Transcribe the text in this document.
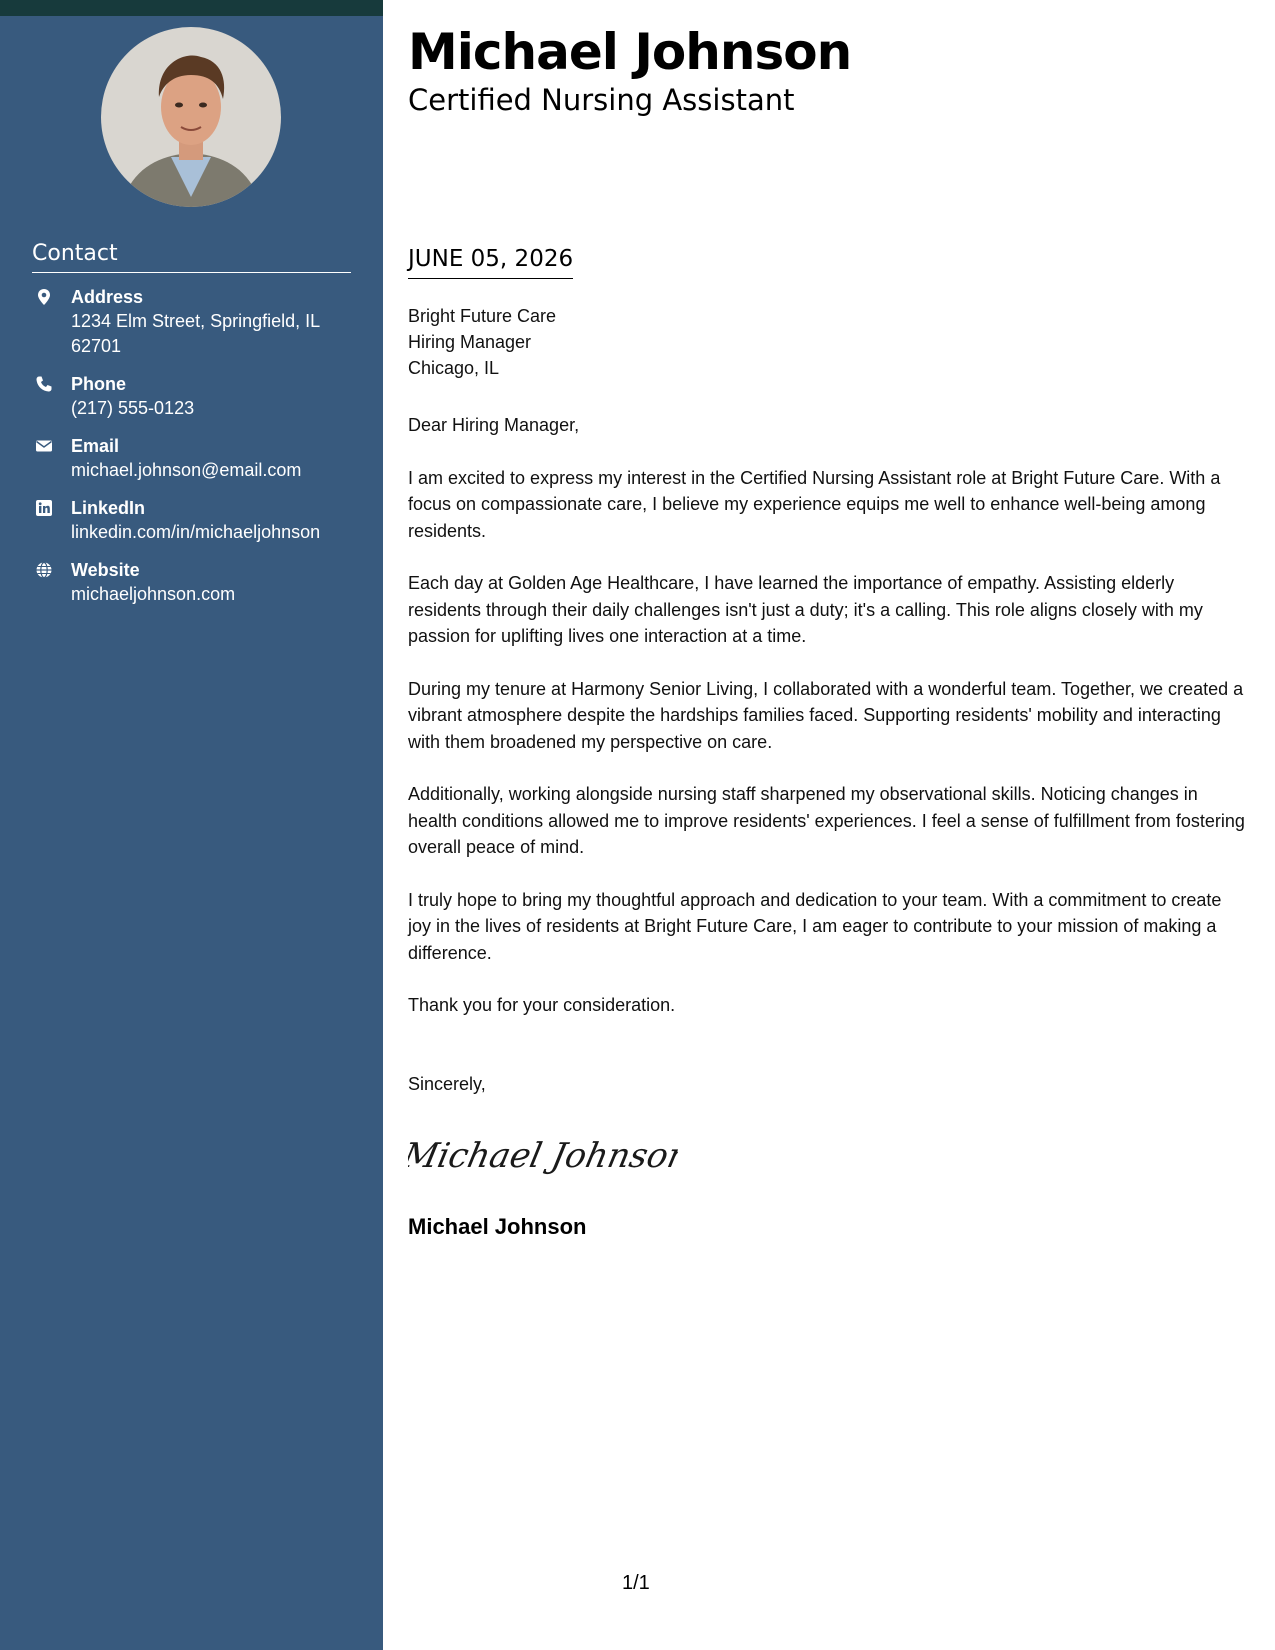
Contact
Address
1234 Elm Street, Springfield, IL 62701
Phone
(217) 555-0123
Email
michael.johnson@email.com
LinkedIn
linkedin.com/in/michaeljohnson
Website
michaeljohnson.com
Michael Johnson
Certified Nursing Assistant
JUNE 05, 2026
Bright Future Care
Hiring Manager
Chicago, IL

Dear Hiring Manager,

I am excited to express my interest in the Certified Nursing Assistant role at Bright Future Care. With a focus on compassionate care, I believe my experience equips me well to enhance well-being among residents.

Each day at Golden Age Healthcare, I have learned the importance of empathy. Assisting elderly residents through their daily challenges isn't just a duty; it's a calling. This role aligns closely with my passion for uplifting lives one interaction at a time.

During my tenure at Harmony Senior Living, I collaborated with a wonderful team. Together, we created a vibrant atmosphere despite the hardships families faced. Supporting residents' mobility and interacting with them broadened my perspective on care.

Additionally, working alongside nursing staff sharpened my observational skills. Noticing changes in health conditions allowed me to improve residents' experiences. I feel a sense of fulfillment from fostering overall peace of mind.

I truly hope to bring my thoughtful approach and dedication to your team. With a commitment to create joy in the lives of residents at Bright Future Care, I am eager to contribute to your mission of making a difference.

Thank you for your consideration.

Sincerely,
Michael Johnson
Michael Johnson
1/1
